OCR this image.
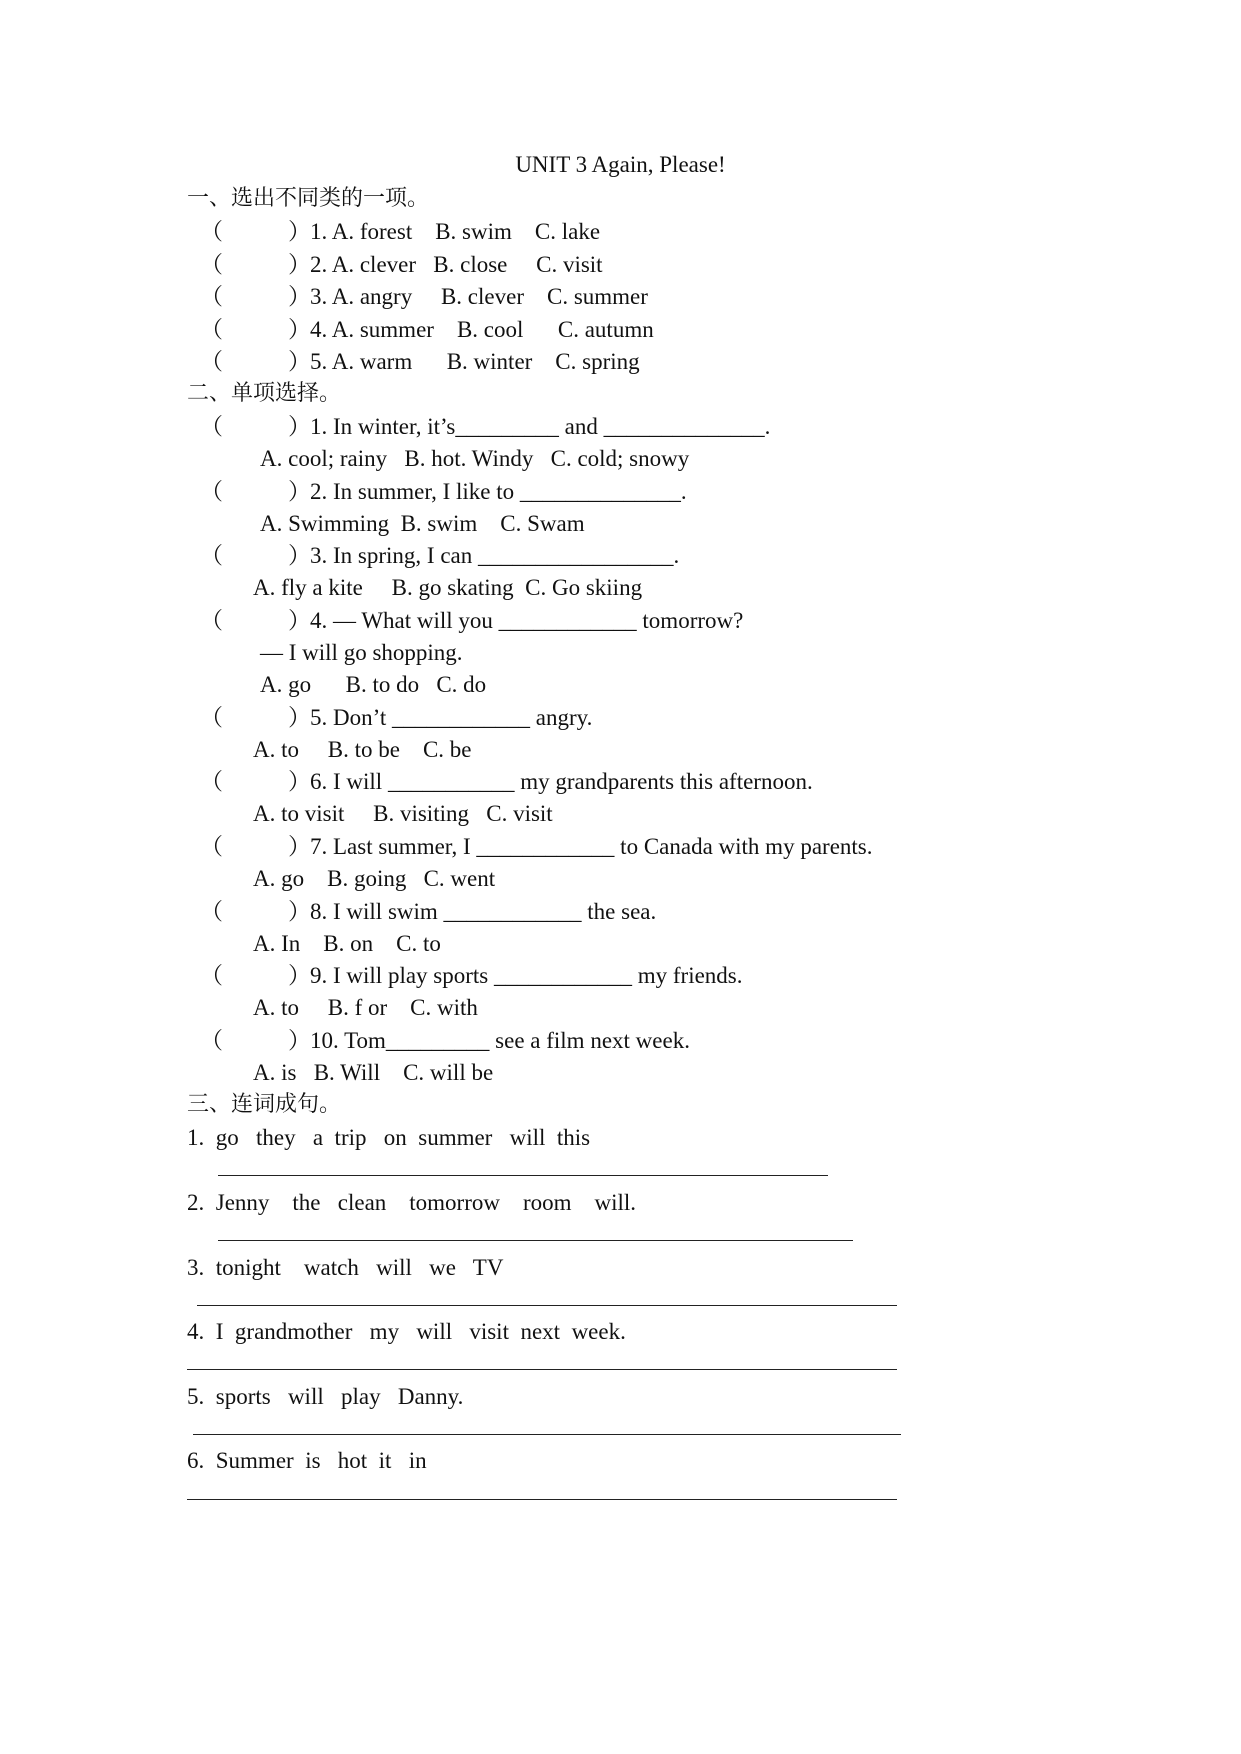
UNIT 3 Again, Please!
一、选出不同类的一项。
（	） 1. A. forest    B. swim    C. lake
（	） 2. A. clever   B. close     C. visit
（	） 3. A. angry     B. clever    C. summer
（	） 4. A. summer    B. cool      C. autumn
（	） 5. A. warm      B. winter    C. spring
二、单项选择。
（	） 1. In winter, it’s_________ and ______________.
A. cool; rainy   B. hot. Windy   C. cold; snowy
（	） 2. In summer, I like to ______________.
A. Swimming  B. swim    C. Swam
（	） 3. In spring, I can _________________.
A. fly a kite     B. go skating  C. Go skiing
（	） 4. — What will you ____________ tomorrow?
— I will go shopping.
A. go      B. to do   C. do
（	） 5. Don’t ____________ angry.
A. to     B. to be    C. be
（	） 6. I will ___________ my grandparents this afternoon.
A. to visit     B. visiting   C. visit
（	） 7. Last summer, I ____________ to Canada with my parents.
A. go    B. going   C. went
（	） 8. I will swim ____________ the sea.
A. In    B. on    C. to
（	） 9. I will play sports ____________ my friends.
A. to     B. f or    C. with
（	） 10. Tom_________ see a film next week.
A. is   B. Will    C. will be
三、连词成句。
1.  go   they   a  trip   on  summer   will  this
2.  Jenny    the   clean    tomorrow    room    will.
3.  tonight    watch   will   we   TV
4.  I  grandmother   my   will   visit  next  week.
5.  sports   will   play   Danny.
6.  Summer  is   hot  it   in
